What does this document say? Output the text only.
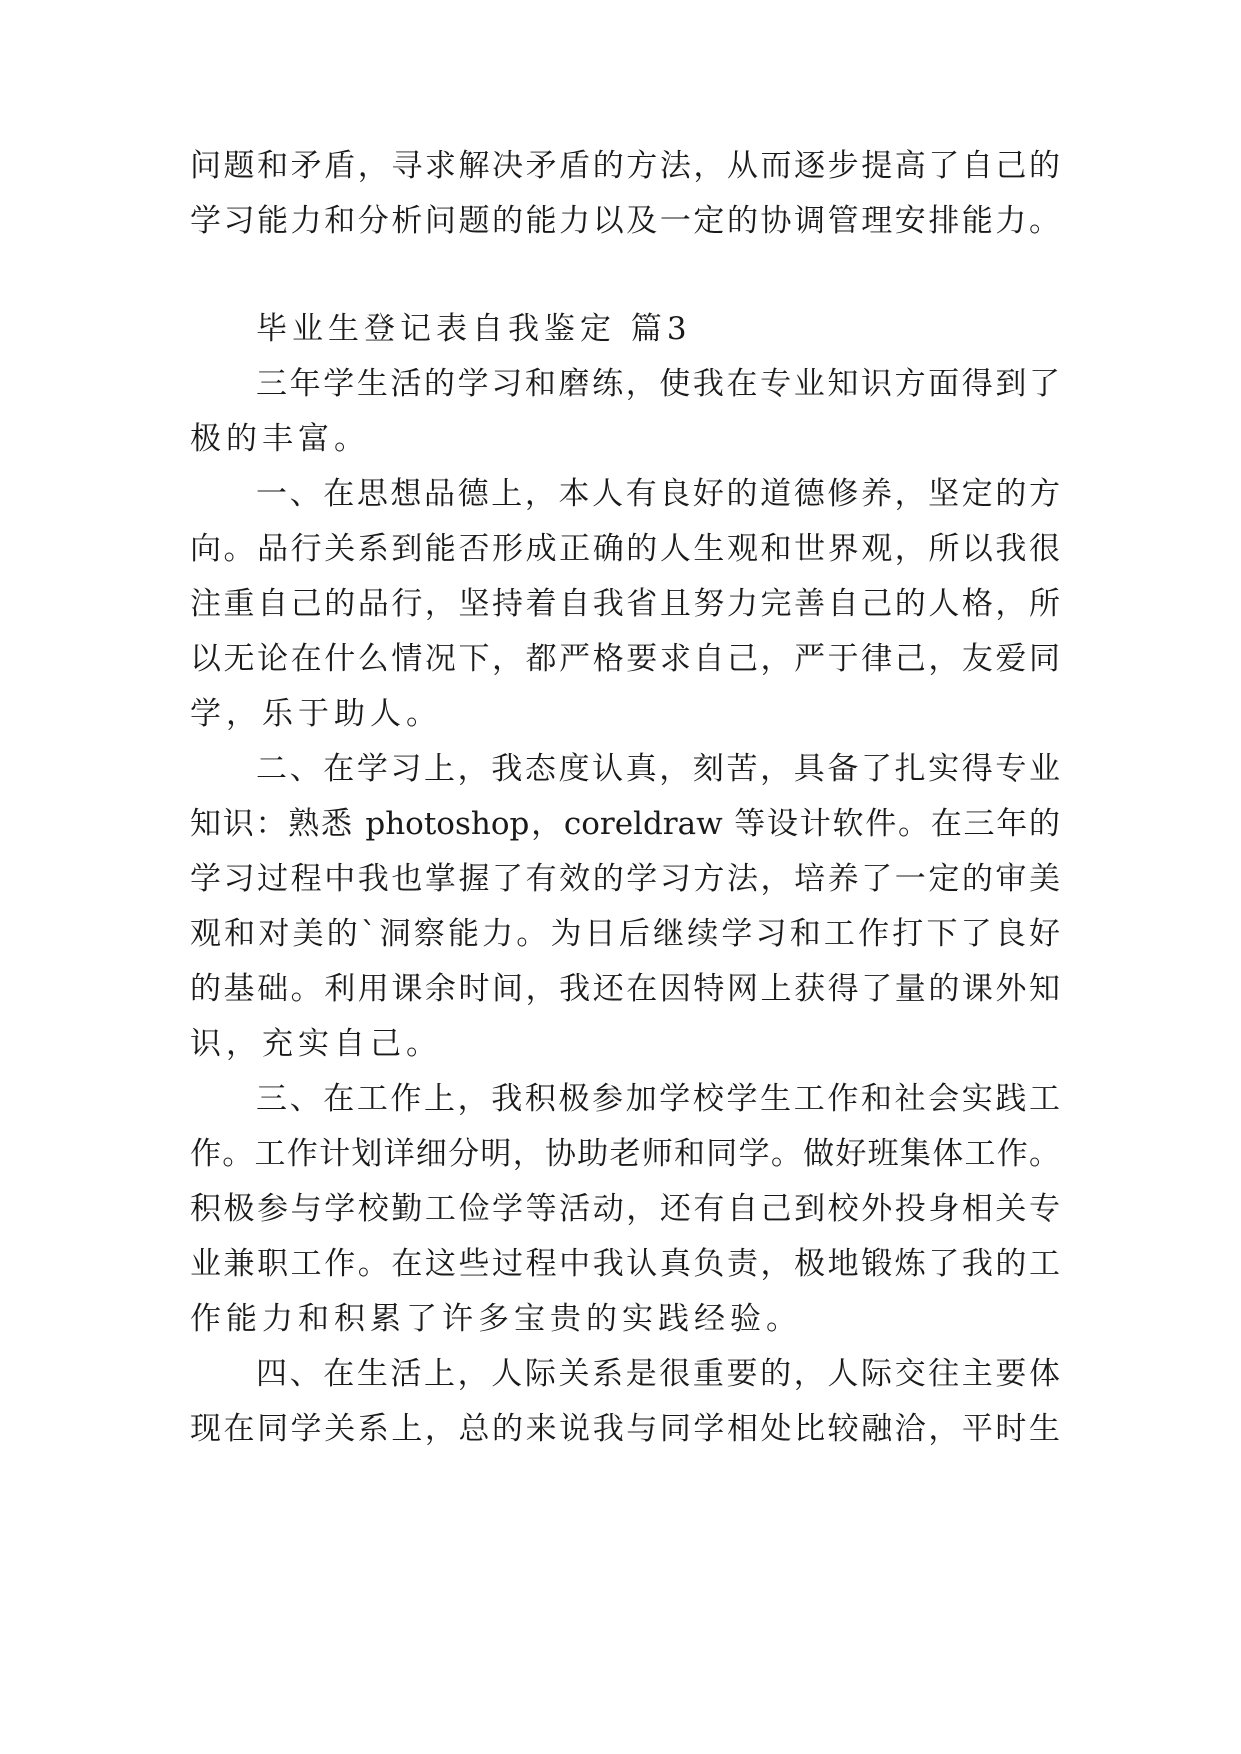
问题和矛盾，寻求解决矛盾的方法，从而逐步提高了自己的
学习能力和分析问题的能力以及一定的协调管理安排能力。
毕业生登记表自我鉴定 篇3
三年学生活的学习和磨练，使我在专业知识方面得到了
极的丰富。
一、在思想品德上，本人有良好的道德修养，坚定的方
向。品行关系到能否形成正确的人生观和世界观，所以我很
注重自己的品行，坚持着自我省且努力完善自己的人格，所
以无论在什么情况下，都严格要求自己，严于律己，友爱同
学，乐于助人。
二、在学习上，我态度认真，刻苦，具备了扎实得专业
知识：熟悉 photoshop，coreldraw 等设计软件。在三年的
学习过程中我也掌握了有效的学习方法，培养了一定的审美
观和对美的`洞察能力。为日后继续学习和工作打下了良好
的基础。利用课余时间，我还在因特网上获得了量的课外知
识，充实自己。
三、在工作上，我积极参加学校学生工作和社会实践工
作。工作计划详细分明，协助老师和同学。做好班集体工作。
积极参与学校勤工俭学等活动，还有自己到校外投身相关专
业兼职工作。在这些过程中我认真负责，极地锻炼了我的工
作能力和积累了许多宝贵的实践经验。
四、在生活上，人际关系是很重要的，人际交往主要体
现在同学关系上，总的来说我与同学相处比较融洽，平时生
